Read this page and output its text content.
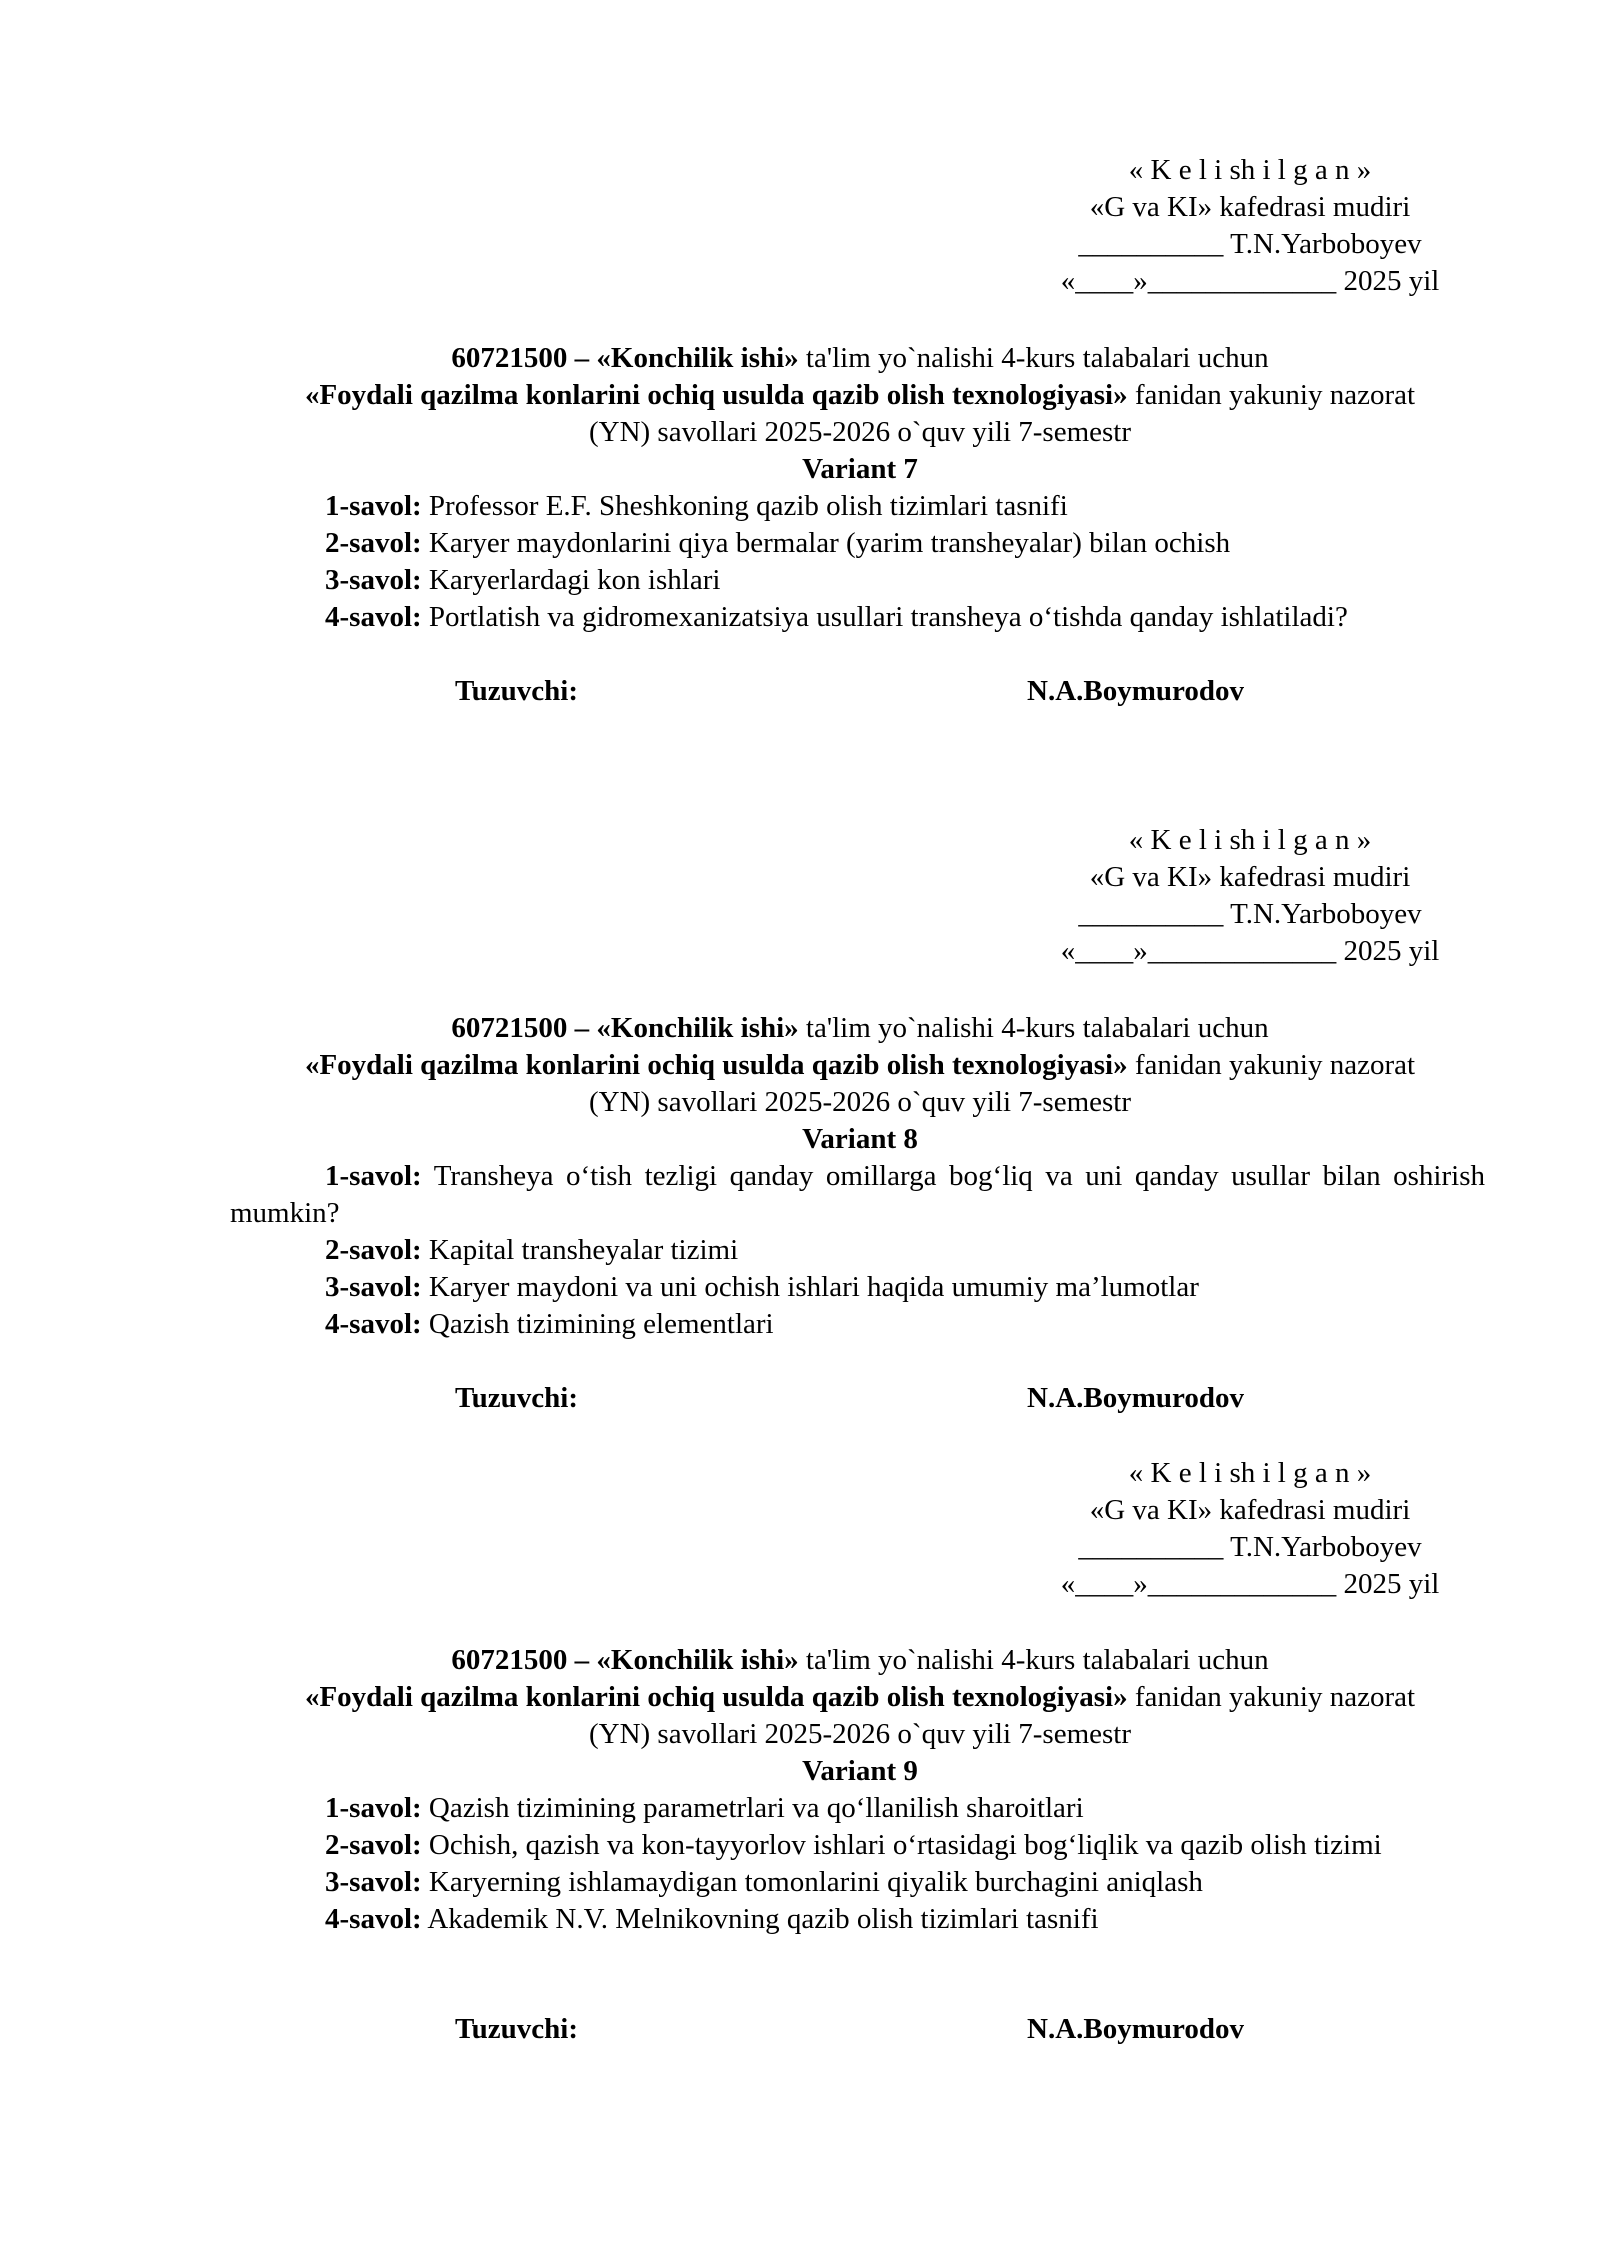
« K e l i sh i l g a n »
«G va KI» kafedrasi mudiri
__________ T.N.Yarboboyev
«____»_____________ 2025 yil
60721500 – «Konchilik ishi» ta'lim yo`nalishi 4-kurs talabalari uchun
«Foydali qazilma konlarini ochiq usulda qazib olish texnologiyasi» fanidan yakuniy nazorat
(YN) savollari 2025-2026 o`quv yili 7-semestr
Variant 7
1-savol: Professor E.F. Sheshkoning qazib olish tizimlari tasnifi
2-savol: Karyer maydonlarini qiya bermalar (yarim transheyalar) bilan ochish
3-savol: Karyerlardagi kon ishlari
4-savol: Portlatish va gidromexanizatsiya usullari transheya o‘tishda qanday ishlatiladi?
Tuzuvchi:	N.A.Boymurodov
« K e l i sh i l g a n »
«G va KI» kafedrasi mudiri
__________ T.N.Yarboboyev
«____»_____________ 2025 yil
60721500 – «Konchilik ishi» ta'lim yo`nalishi 4-kurs talabalari uchun
«Foydali qazilma konlarini ochiq usulda qazib olish texnologiyasi» fanidan yakuniy nazorat
(YN) savollari 2025-2026 o`quv yili 7-semestr
Variant 8
1-savol: Transheya o‘tish tezligi qanday omillarga bog‘liq va uni qanday usullar bilan oshirish mumkin?
2-savol: Kapital transheyalar tizimi
3-savol: Karyer maydoni va uni ochish ishlari haqida umumiy ma’lumotlar
4-savol: Qazish tizimining elementlari
Tuzuvchi:	N.A.Boymurodov
« K e l i sh i l g a n »
«G va KI» kafedrasi mudiri
__________ T.N.Yarboboyev
«____»_____________ 2025 yil
60721500 – «Konchilik ishi» ta'lim yo`nalishi 4-kurs talabalari uchun
«Foydali qazilma konlarini ochiq usulda qazib olish texnologiyasi» fanidan yakuniy nazorat
(YN) savollari 2025-2026 o`quv yili 7-semestr
Variant 9
1-savol: Qazish tizimining parametrlari va qo‘llanilish sharoitlari
2-savol: Ochish, qazish va kon-tayyorlov ishlari o‘rtasidagi bog‘liqlik va qazib olish tizimi
3-savol: Karyerning ishlamaydigan tomonlarini qiyalik burchagini aniqlash
4-savol: Akademik N.V. Melnikovning qazib olish tizimlari tasnifi
Tuzuvchi:	N.A.Boymurodov
